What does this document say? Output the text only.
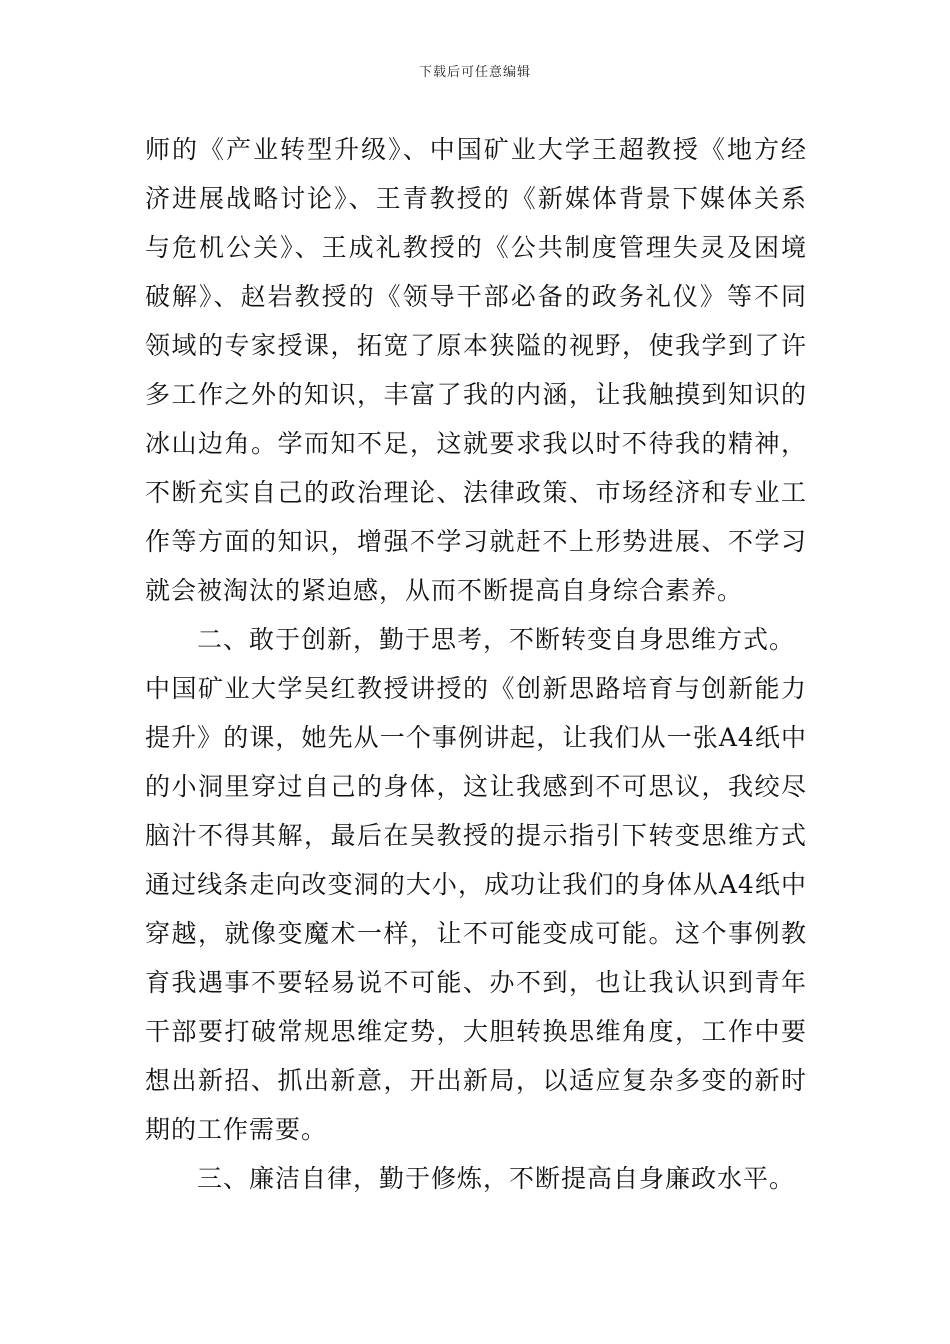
下载后可任意编辑
师的《产业转型升级》、中国矿业大学王超教授《地方经
济进展战略讨论》、王青教授的《新媒体背景下媒体关系
与危机公关》、王成礼教授的《公共制度管理失灵及困境
破解》、赵岩教授的《领导干部必备的政务礼仪》等不同
领域的专家授课，拓宽了原本狭隘的视野，使我学到了许
多工作之外的知识，丰富了我的内涵，让我触摸到知识的
冰山边角。学而知不足，这就要求我以时不待我的精神，
不断充实自己的政治理论、法律政策、市场经济和专业工
作等方面的知识，增强不学习就赶不上形势进展、不学习
就会被淘汰的紧迫感，从而不断提高自身综合素养。
二、敢于创新，勤于思考，不断转变自身思维方式。
中国矿业大学吴红教授讲授的《创新思路培育与创新能力
提升》的课，她先从一个事例讲起，让我们从一张A4纸中
的小洞里穿过自己的身体，这让我感到不可思议，我绞尽
脑汁不得其解，最后在吴教授的提示指引下转变思维方式
通过线条走向改变洞的大小，成功让我们的身体从A4纸中
穿越，就像变魔术一样，让不可能变成可能。这个事例教
育我遇事不要轻易说不可能、办不到，也让我认识到青年
干部要打破常规思维定势，大胆转换思维角度，工作中要
想出新招、抓出新意，开出新局，以适应复杂多变的新时
期的工作需要。
三、廉洁自律，勤于修炼，不断提高自身廉政水平。
